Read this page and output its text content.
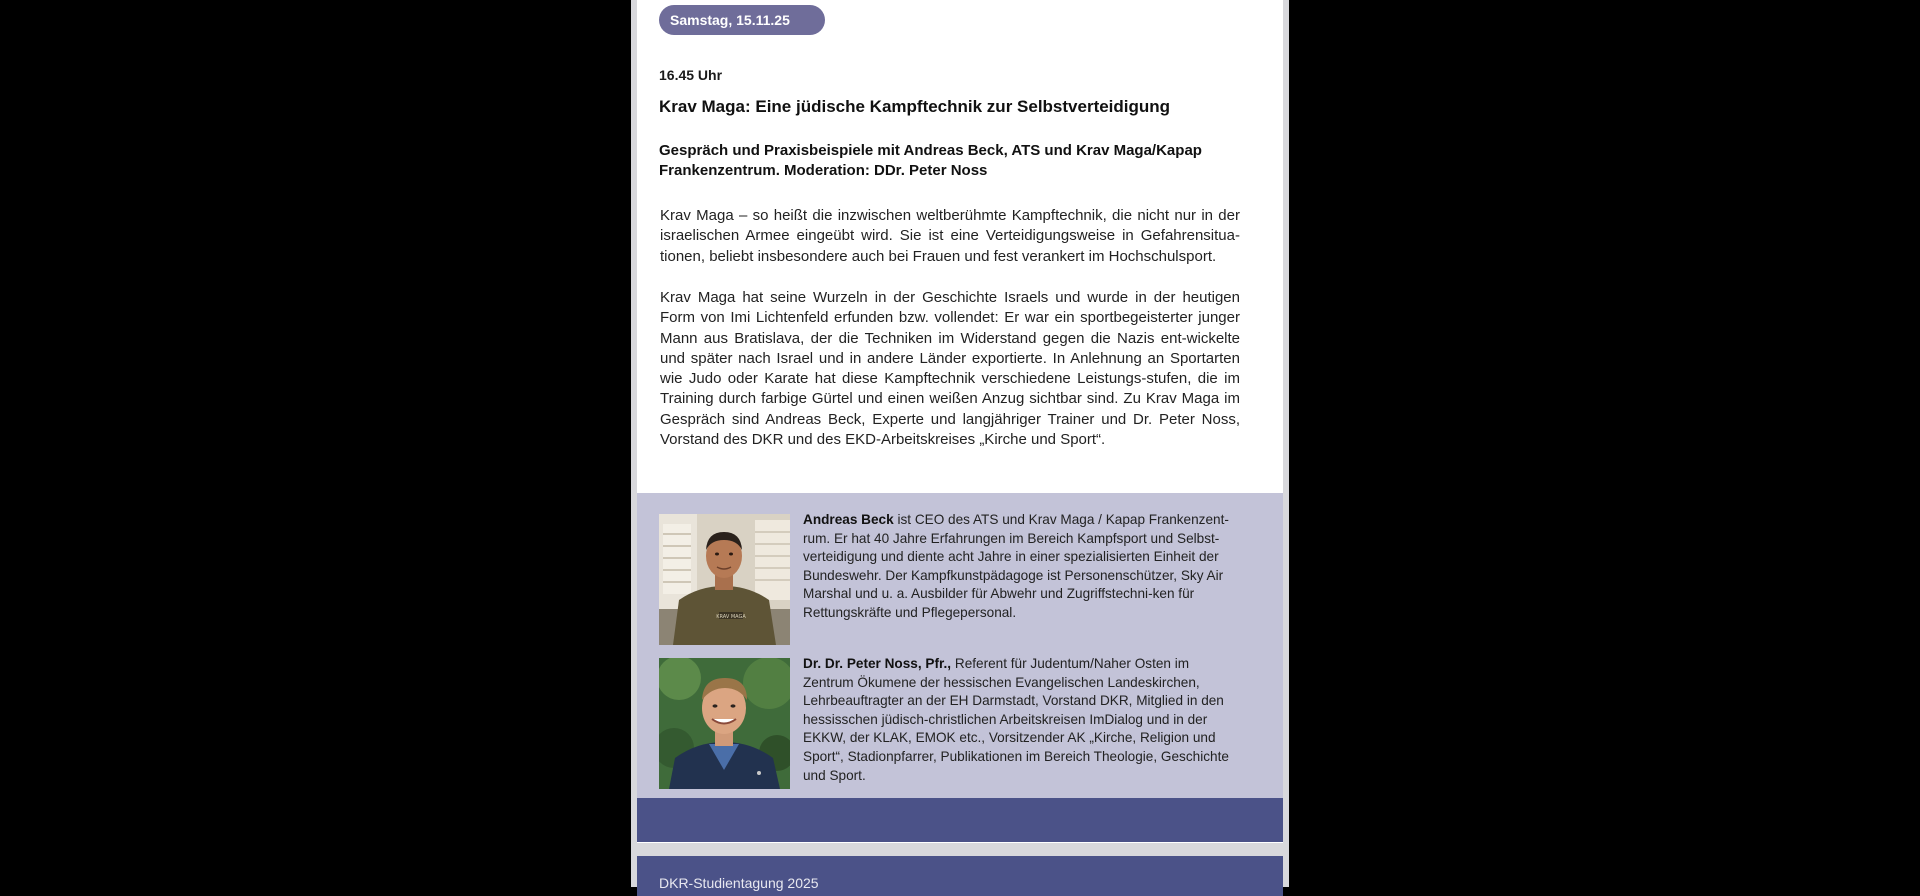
Samstag, 15.11.25
16.45 Uhr
Krav Maga: Eine jüdische Kampftechnik zur Selbstverteidigung

Gespräch und Praxisbeispiele mit Andreas Beck, ATS und Krav Maga/Kapap Frankenzentrum. Moderation: DDr. Peter Noss

Krav Maga – so heißt die inzwischen weltberühmte Kampftechnik, die nicht nur in der israelischen Armee eingeübt wird. Sie ist eine Verteidigungsweise in Gefahrensitua-tionen, beliebt insbesondere auch bei Frauen und fest verankert im Hochschulsport.

Krav Maga hat seine Wurzeln in der Geschichte Israels und wurde in der heutigen Form von Imi Lichtenfeld erfunden bzw. vollendet: Er war ein sportbegeisterter junger Mann aus Bratislava, der die Techniken im Widerstand gegen die Nazis ent-wickelte und später nach Israel und in andere Länder exportierte. In Anlehnung an Sportarten wie Judo oder Karate hat diese Kampftechnik verschiedene Leistungs-stufen, die im Training durch farbige Gürtel und einen weißen Anzug sichtbar sind. Zu Krav Maga im Gespräch sind Andreas Beck, Experte und langjähriger Trainer und Dr. Peter Noss, Vorstand des DKR und des EKD-Arbeitskreises „Kirche und Sport“.

KRAV MAGA

Andreas Beck ist CEO des ATS und Krav Maga / Kapap Frankenzent-rum. Er hat 40 Jahre Erfahrungen im Bereich Kampfsport und Selbst-verteidigung und diente acht Jahre in einer spezialisierten Einheit der Bundeswehr. Der Kampfkunstpädagoge ist Personenschützer, Sky Air Marshal und u. a. Ausbilder für Abwehr und Zugriffstechni-ken für Rettungskräfte und Pflegepersonal.

Dr. Dr. Peter Noss, Pfr., Referent für Judentum/Naher Osten im Zentrum Ökumene der hessischen Evangelischen Landeskirchen, Lehrbeauftragter an der EH Darmstadt, Vorstand DKR, Mitglied in den hessisschen jüdisch-christlichen Arbeitskreisen ImDialog und in der EKKW, der KLAK, EMOK etc., Vorsitzender AK „Kirche, Religion und Sport“, Stadionpfarrer, Publikationen im Bereich Theologie, Geschichte und Sport.

DKR-Studientagung 2025
